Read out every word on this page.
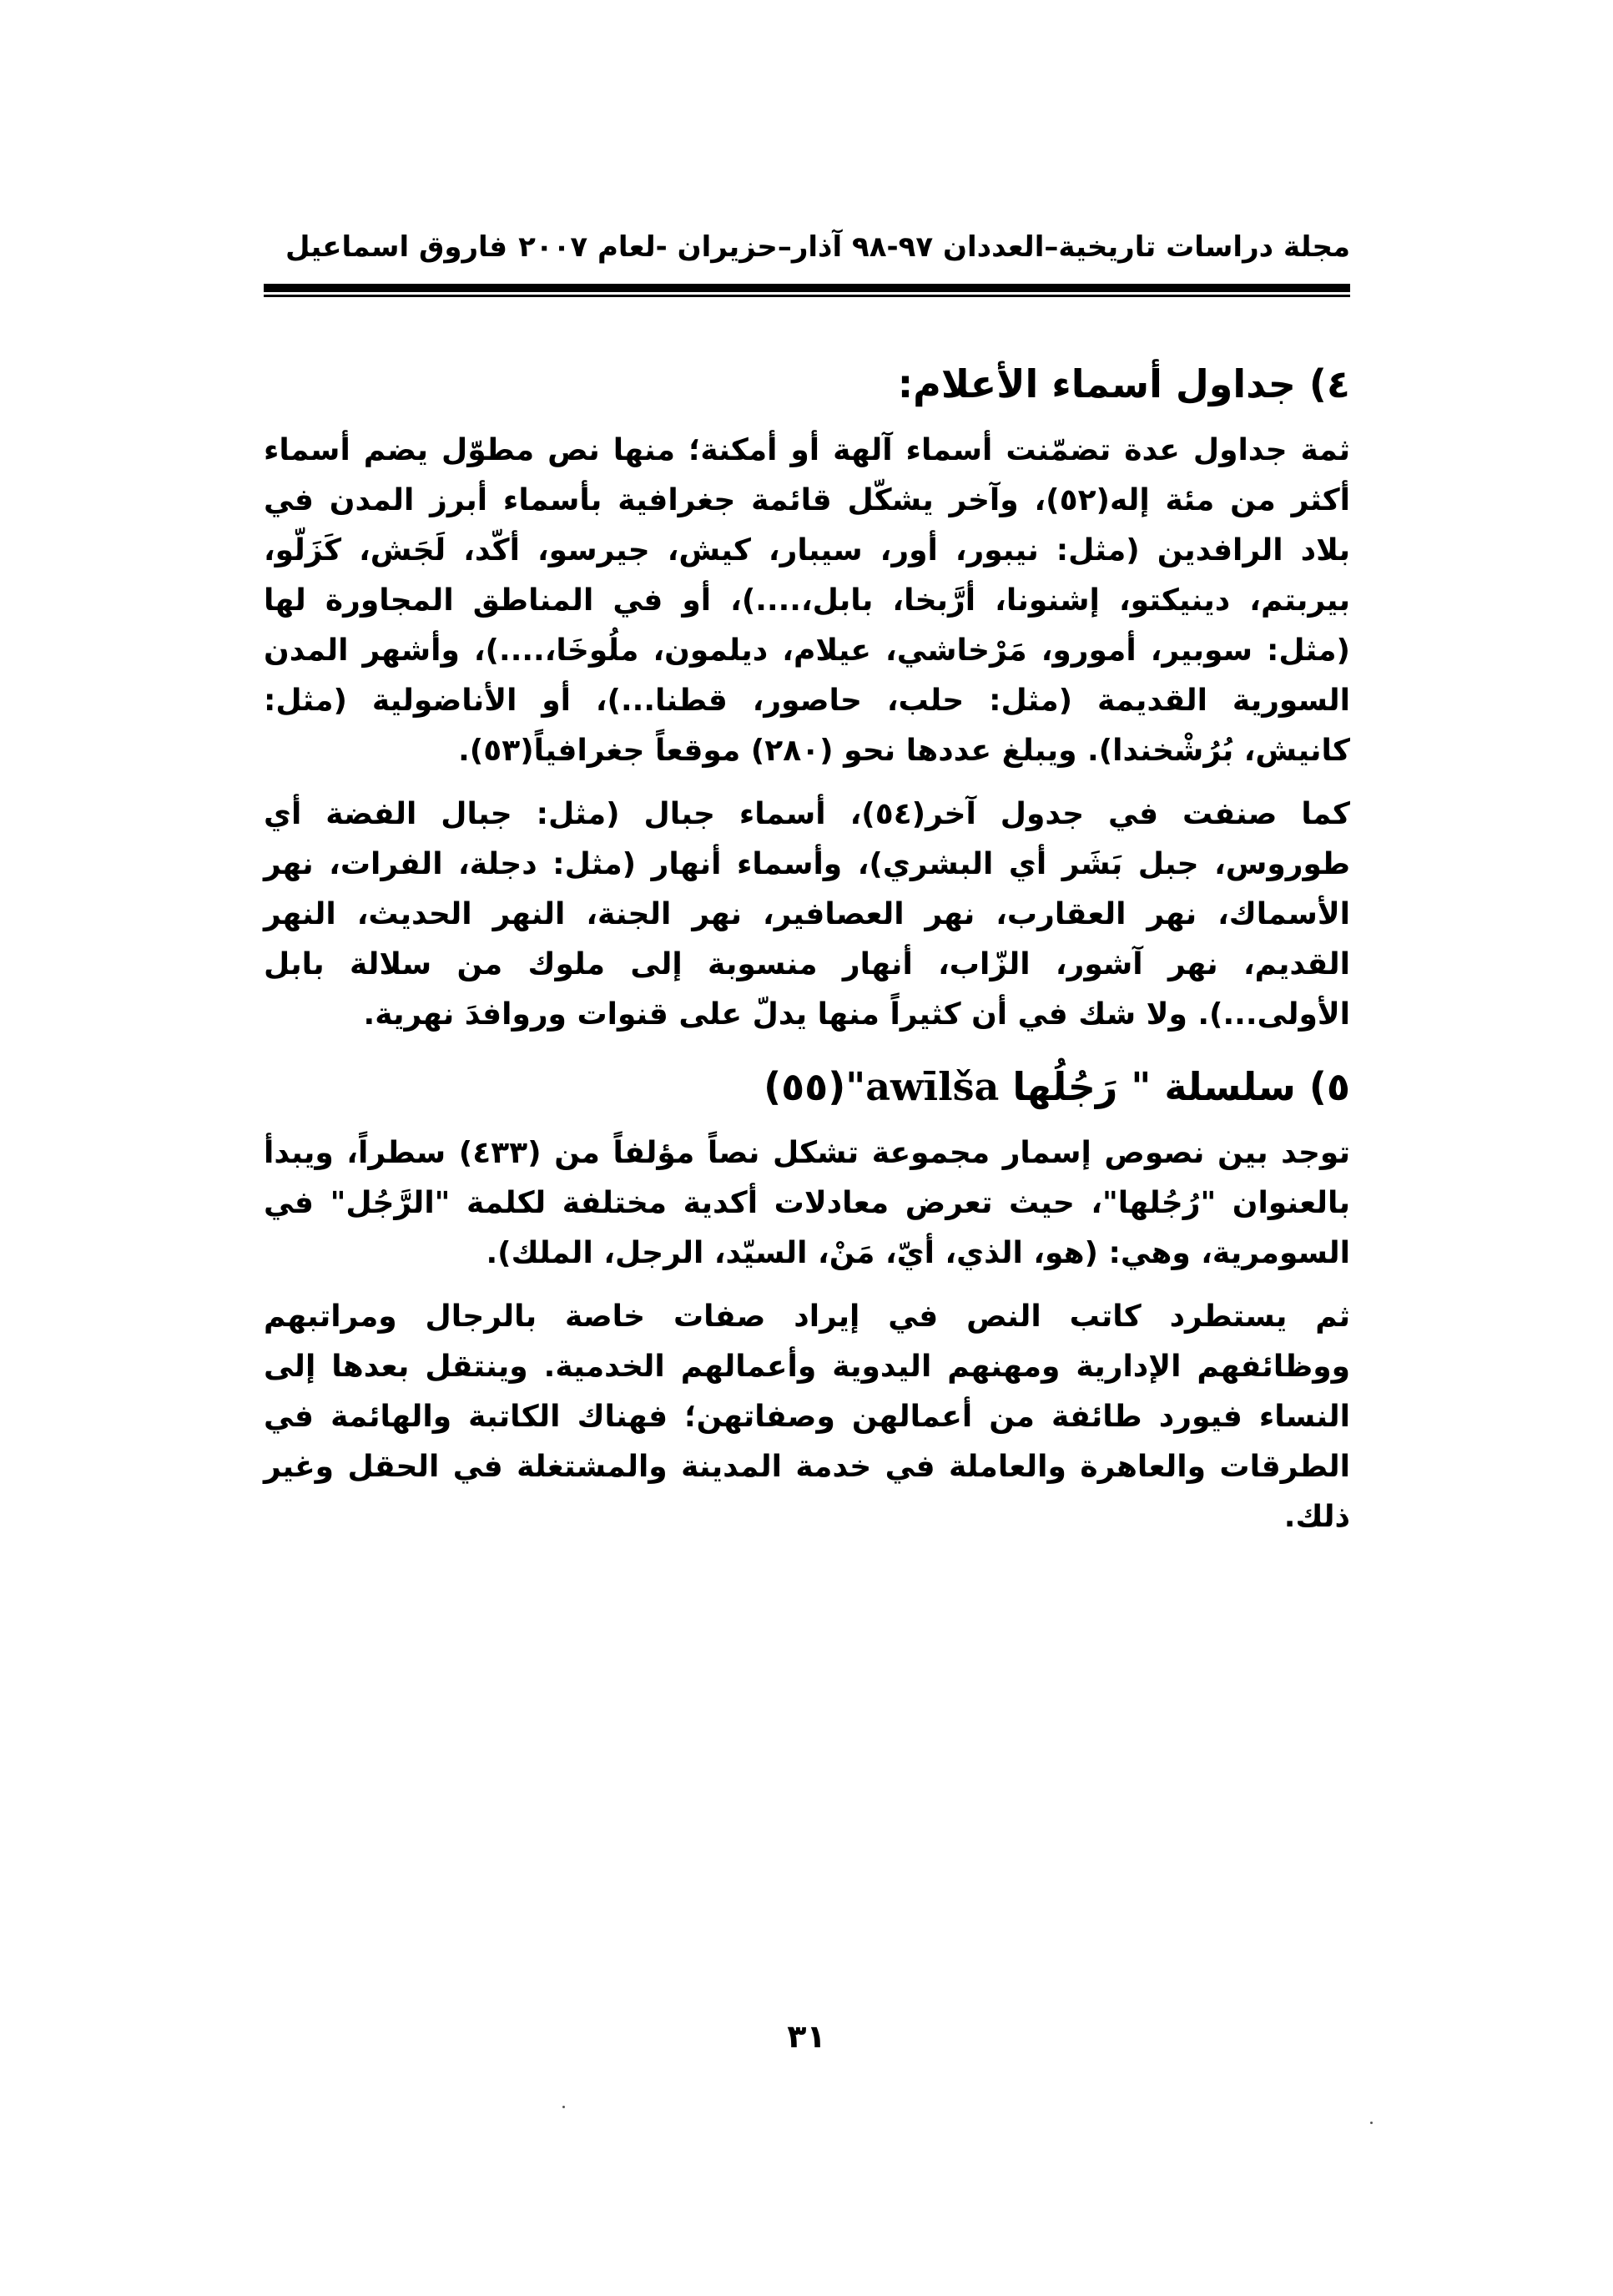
مجلة دراسات تاريخية–العددان ٩٧-٩٨ آذار–حزيران -لعام ٢٠٠٧
فاروق اسماعيل
٤) جداول أسماء الأعلام:

ثمة جداول عدة تضمّنت أسماء آلهة أو أمكنة؛ منها نص مطوّل يضم أسماء أكثر من مئة إله(٥٢)، وآخر يشكّل قائمة جغرافية بأسماء أبرز المدن في بلاد الرافدين (مثل: نيبور، أور، سيبار، كيش، جيرسو، أكّد، لَجَش، كَزَلّو، بيربتم، دينيكتو، إشنونا، أرَّبخا، بابل،....)، أو في المناطق المجاورة لها (مثل: سوبير، أمورو، مَرْخاشي، عيلام، ديلمون، ملُوخَا،....)، وأشهر المدن السورية القديمة (مثل: حلب، حاصور، قطنا...)، أو الأناضولية (مثل: كانيش، بُرُشْخندا). ويبلغ عددها نحو (٢٨٠) موقعاً جغرافياً(٥٣).

كما صنفت في جدول آخر(٥٤)، أسماء جبال (مثل: جبال الفضة أي طوروس، جبل بَشَر أي البشري)، وأسماء أنهار (مثل: دجلة، الفرات، نهر الأسماك، نهر العقارب، نهر العصافير، نهر الجنة، النهر الحديث، النهر القديم، نهر آشور، الزّاب، أنهار منسوبة إلى ملوك من سلالة بابل الأولى...). ولا شك في أن كثيراً منها يدلّ على قنوات وروافدَ نهرية.

٥) سلسلة " رَجُلُها awīlša"(٥٥)

توجد بين نصوص إسمار مجموعة تشكل نصاً مؤلفاً من (٤٣٣) سطراً، ويبدأ بالعنوان "رُجُلها"، حيث تعرض معادلات أكدية مختلفة لكلمة "الرَّجُل" في السومرية، وهي: (هو، الذي، أيّ، مَنْ، السيّد، الرجل، الملك).

ثم يستطرد كاتب النص في إيراد صفات خاصة بالرجال ومراتبهم ووظائفهم الإدارية ومهنهم اليدوية وأعمالهم الخدمية. وينتقل بعدها إلى النساء فيورد طائفة من أعمالهن وصفاتهن؛ فهناك الكاتبة والهائمة في الطرقات والعاهرة والعاملة في خدمة المدينة والمشتغلة في الحقل وغير ذلك.

٣١
